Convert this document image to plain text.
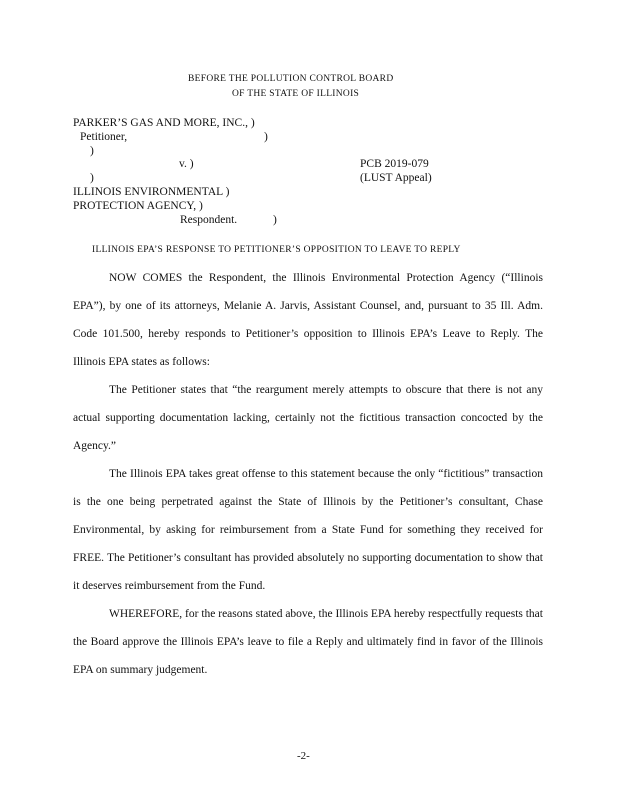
BEFORE THE POLLUTION CONTROL BOARD
OF THE STATE OF ILLINOIS
PARKER’S GAS AND MORE, INC., )
Petitioner,	)
)
v. )	PCB 2019-079
)	(LUST Appeal)
ILLINOIS ENVIRONMENTAL )
PROTECTION AGENCY, )
Respondent.	)
ILLINOIS EPA’S RESPONSE TO PETITIONER’S OPPOSITION TO LEAVE TO REPLY

NOW COMES the Respondent, the Illinois Environmental Protection Agency (“Illinois EPA”), by one of its attorneys, Melanie A. Jarvis, Assistant Counsel, and, pursuant to 35 Ill. Adm. Code 101.500, hereby responds to Petitioner’s opposition to Illinois EPA’s Leave to Reply. The Illinois EPA states as follows:

The Petitioner states that “the reargument merely attempts to obscure that there is not any actual supporting documentation lacking, certainly not the fictitious transaction concocted by the Agency.”

The Illinois EPA takes great offense to this statement because the only “fictitious” transaction is the one being perpetrated against the State of Illinois by the Petitioner’s consultant, Chase Environmental, by asking for reimbursement from a State Fund for something they received for FREE. The Petitioner’s consultant has provided absolutely no supporting documentation to show that it deserves reimbursement from the Fund.

WHEREFORE, for the reasons stated above, the Illinois EPA hereby respectfully requests that the Board approve the Illinois EPA’s leave to file a Reply and ultimately find in favor of the Illinois EPA on summary judgement.

-2-
